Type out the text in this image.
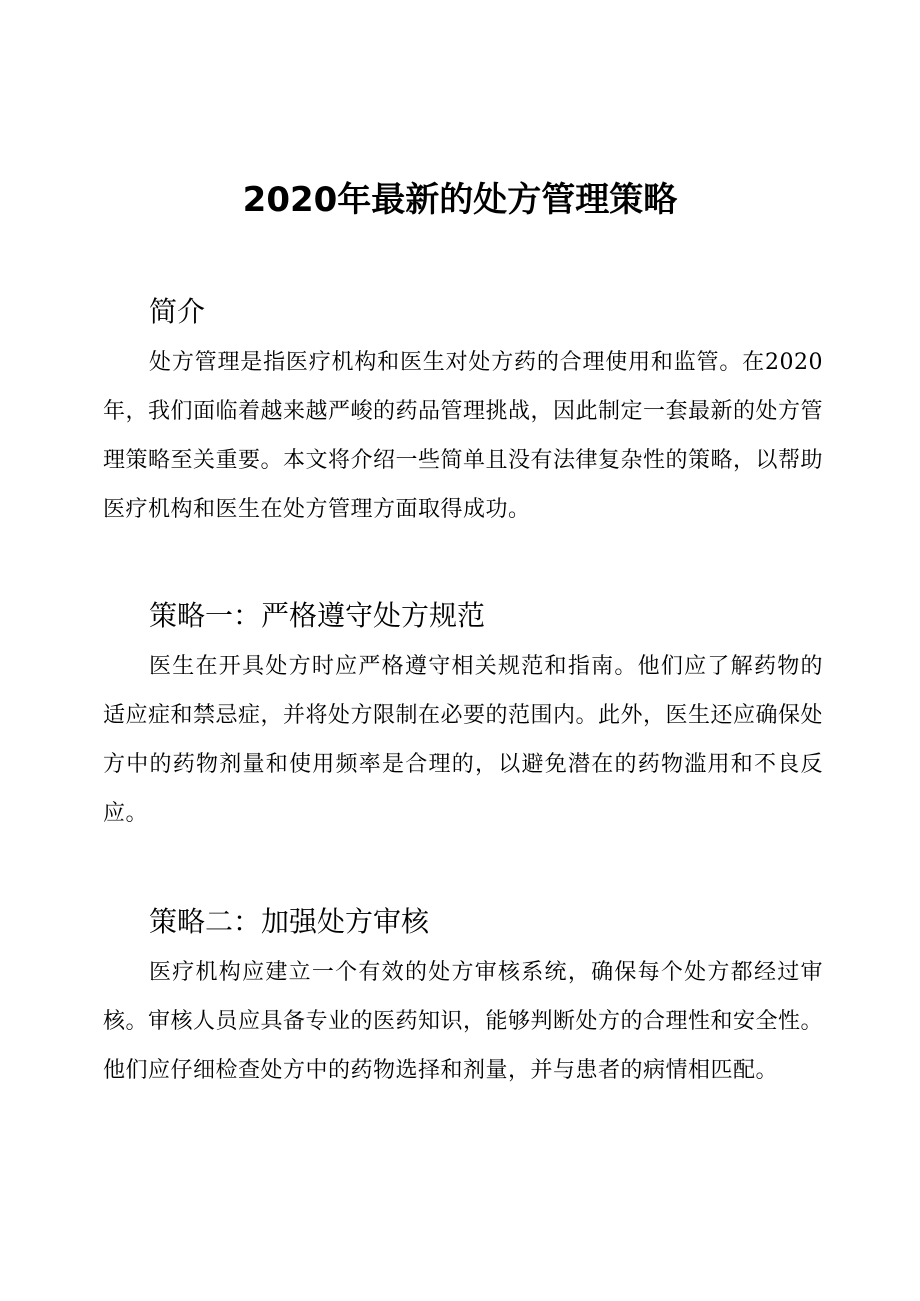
2020年最新的处方管理策略
简介

处方管理是指医疗机构和医生对处方药的合理使用和监管。在2020年，我们面临着越来越严峻的药品管理挑战，因此制定一套最新的处方管理策略至关重要。本文将介绍一些简单且没有法律复杂性的策略，以帮助医疗机构和医生在处方管理方面取得成功。

策略一：严格遵守处方规范

医生在开具处方时应严格遵守相关规范和指南。他们应了解药物的适应症和禁忌症，并将处方限制在必要的范围内。此外，医生还应确保处方中的药物剂量和使用频率是合理的，以避免潜在的药物滥用和不良反应。

策略二：加强处方审核

医疗机构应建立一个有效的处方审核系统，确保每个处方都经过审核。审核人员应具备专业的医药知识，能够判断处方的合理性和安全性。他们应仔细检查处方中的药物选择和剂量，并与患者的病情相匹配。
